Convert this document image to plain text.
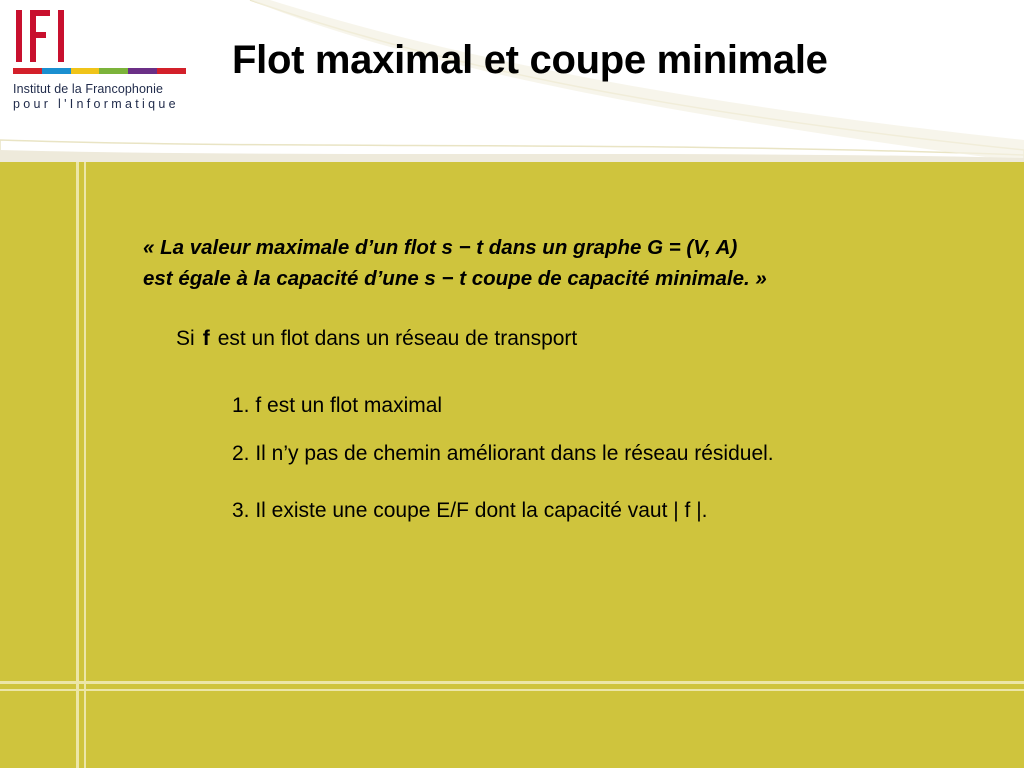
Institut de la Francophonie
pour l'Informatique
Flot maximal et coupe minimale
« La valeur maximale d’un flot s − t dans un graphe G = (V, A)
est égale à la capacité d’une s − t coupe de capacité minimale. »
Si f est un flot dans un réseau de transport
1. f est un flot maximal
2. Il n’y pas de chemin améliorant dans le réseau résiduel.
3. Il existe une coupe E/F dont la capacité vaut | f |.
